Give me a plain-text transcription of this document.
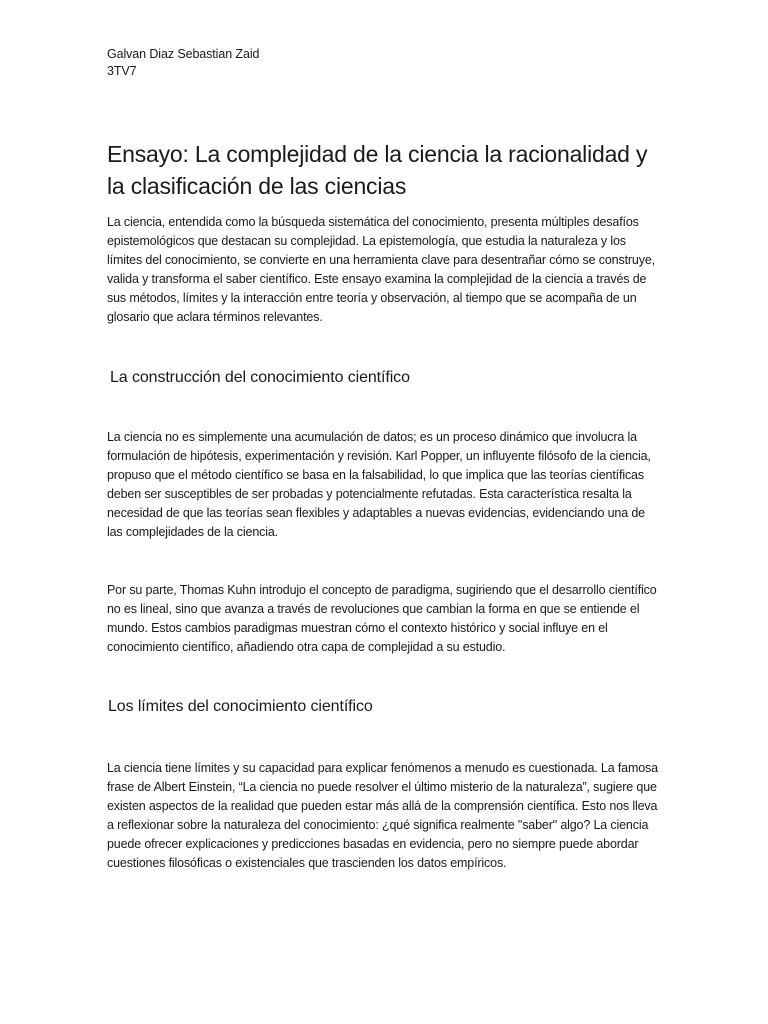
Galvan Diaz Sebastian Zaid
3TV7
Ensayo: La complejidad de la ciencia la racionalidad y la clasificación de las ciencias

La ciencia, entendida como la búsqueda sistemática del conocimiento, presenta múltiples desafíos epistemológicos que destacan su complejidad. La epistemología, que estudia la naturaleza y los límites del conocimiento, se convierte en una herramienta clave para desentrañar cómo se construye, valida y transforma el saber científico. Este ensayo examina la complejidad de la ciencia a través de sus métodos, límites y la interacción entre teoría y observación, al tiempo que se acompaña de un glosario que aclara términos relevantes.

La construcción del conocimiento científico

La ciencia no es simplemente una acumulación de datos; es un proceso dinámico que involucra la formulación de hipótesis, experimentación y revisión. Karl Popper, un influyente filósofo de la ciencia, propuso que el método científico se basa en la falsabilidad, lo que implica que las teorías científicas deben ser susceptibles de ser probadas y potencialmente refutadas. Esta característica resalta la necesidad de que las teorías sean flexibles y adaptables a nuevas evidencias, evidenciando una de las complejidades de la ciencia.

Por su parte, Thomas Kuhn introdujo el concepto de paradigma, sugiriendo que el desarrollo científico no es lineal, sino que avanza a través de revoluciones que cambian la forma en que se entiende el mundo. Estos cambios paradigmas muestran cómo el contexto histórico y social influye en el conocimiento científico, añadiendo otra capa de complejidad a su estudio.

Los límites del conocimiento científico

La ciencia tiene límites y su capacidad para explicar fenómenos a menudo es cuestionada. La famosa frase de Albert Einstein, “La ciencia no puede resolver el último misterio de la naturaleza”, sugiere que existen aspectos de la realidad que pueden estar más allá de la comprensión científica. Esto nos lleva a reflexionar sobre la naturaleza del conocimiento: ¿qué significa realmente "saber" algo? La ciencia puede ofrecer explicaciones y predicciones basadas en evidencia, pero no siempre puede abordar cuestiones filosóficas o existenciales que trascienden los datos empíricos.
